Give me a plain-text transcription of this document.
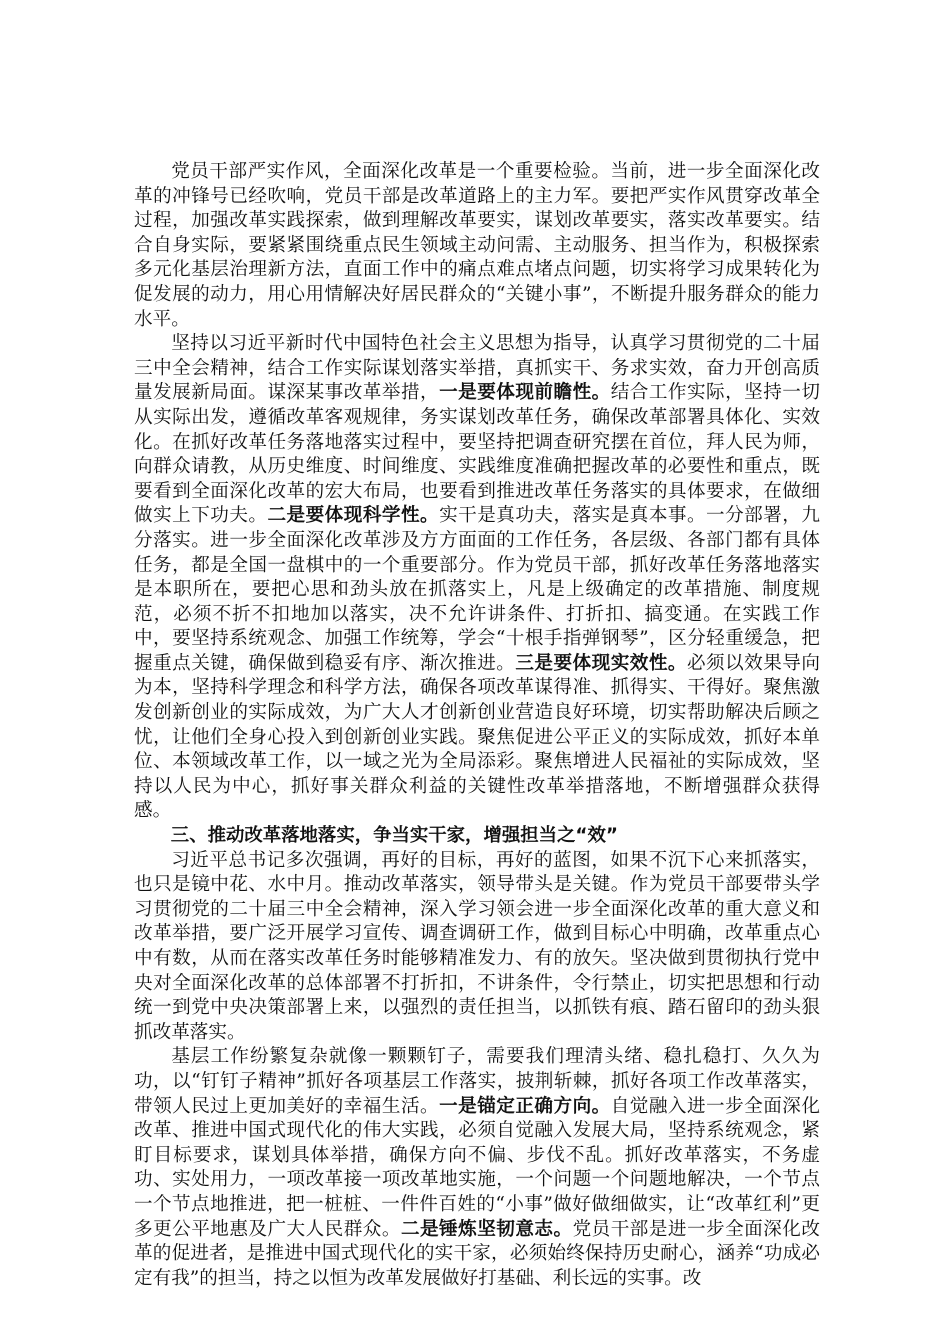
党员干部严实作风，全面深化改革是一个重要检验。当前，进一步全面深化改革的冲锋号已经吹响，党员干部是改革道路上的主力军。要把严实作风贯穿改革全过程，加强改革实践探索，做到理解改革要实，谋划改革要实，落实改革要实。结合自身实际，要紧紧围绕重点民生领域主动问需、主动服务、担当作为，积极探索多元化基层治理新方法，直面工作中的痛点难点堵点问题，切实将学习成果转化为促发展的动力，用心用情解决好居民群众的“关键小事”，不断提升服务群众的能力水平。

坚持以习近平新时代中国特色社会主义思想为指导，认真学习贯彻党的二十届三中全会精神，结合工作实际谋划落实举措，真抓实干、务求实效，奋力开创高质量发展新局面。谋深某事改革举措，一是要体现前瞻性。结合工作实际，坚持一切从实际出发，遵循改革客观规律，务实谋划改革任务，确保改革部署具体化、实效化。在抓好改革任务落地落实过程中，要坚持把调查研究摆在首位，拜人民为师，向群众请教，从历史维度、时间维度、实践维度准确把握改革的必要性和重点，既要看到全面深化改革的宏大布局，也要看到推进改革任务落实的具体要求，在做细做实上下功夫。二是要体现科学性。实干是真功夫，落实是真本事。一分部署，九分落实。进一步全面深化改革涉及方方面面的工作任务，各层级、各部门都有具体任务，都是全国一盘棋中的一个重要部分。作为党员干部，抓好改革任务落地落实是本职所在，要把心思和劲头放在抓落实上，凡是上级确定的改革措施、制度规范，必须不折不扣地加以落实，决不允许讲条件、打折扣、搞变通。在实践工作中，要坚持系统观念、加强工作统筹，学会“十根手指弹钢琴”，区分轻重缓急，把握重点关键，确保做到稳妥有序、渐次推进。三是要体现实效性。必须以效果导向为本，坚持科学理念和科学方法，确保各项改革谋得准、抓得实、干得好。聚焦激发创新创业的实际成效，为广大人才创新创业营造良好环境，切实帮助解决后顾之忧，让他们全身心投入到创新创业实践。聚焦促进公平正义的实际成效，抓好本单位、本领域改革工作，以一域之光为全局添彩。聚焦增进人民福祉的实际成效，坚持以人民为中心，抓好事关群众利益的关键性改革举措落地，不断增强群众获得感。

三、推动改革落地落实，争当实干家，增强担当之“效”

习近平总书记多次强调，再好的目标，再好的蓝图，如果不沉下心来抓落实，也只是镜中花、水中月。推动改革落实，领导带头是关键。作为党员干部要带头学习贯彻党的二十届三中全会精神，深入学习领会进一步全面深化改革的重大意义和改革举措，要广泛开展学习宣传、调查调研工作，做到目标心中明确，改革重点心中有数，从而在落实改革任务时能够精准发力、有的放矢。坚决做到贯彻执行党中央对全面深化改革的总体部署不打折扣，不讲条件，令行禁止，切实把思想和行动统一到党中央决策部署上来，以强烈的责任担当，以抓铁有痕、踏石留印的劲头狠抓改革落实。

基层工作纷繁复杂就像一颗颗钉子，需要我们理清头绪、稳扎稳打、久久为功，以“钉钉子精神”抓好各项基层工作落实，披荆斩棘，抓好各项工作改革落实，带领人民过上更加美好的幸福生活。一是锚定正确方向。自觉融入进一步全面深化改革、推进中国式现代化的伟大实践，必须自觉融入发展大局，坚持系统观念，紧盯目标要求，谋划具体举措，确保方向不偏、步伐不乱。抓好改革落实，不务虚功、实处用力，一项改革接一项改革地实施，一个问题一个问题地解决，一个节点一个节点地推进，把一桩桩、一件件百姓的“小事”做好做细做实，让“改革红利”更多更公平地惠及广大人民群众。二是锤炼坚韧意志。党员干部是进一步全面深化改革的促进者，是推进中国式现代化的实干家，必须始终保持历史耐心，涵养“功成必定有我”的担当，持之以恒为改革发展做好打基础、利长远的实事。改
